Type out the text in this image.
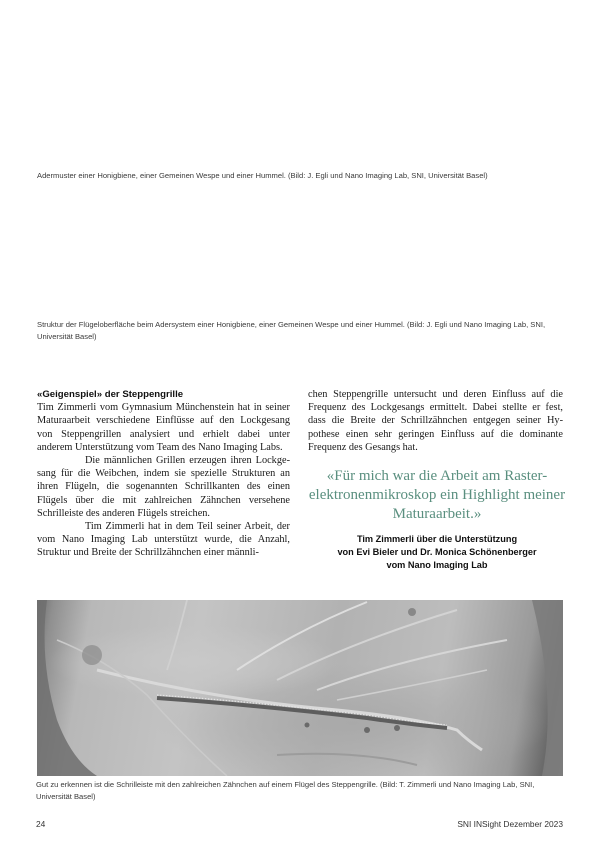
Adermuster einer Honigbiene, einer Gemeinen Wespe und einer Hummel. (Bild: J. Egli und Nano Imaging Lab, SNI, Universität Basel)
Struktur der Flügeloberfläche beim Adersystem einer Honigbiene, einer Gemeinen Wespe und einer Hummel. (Bild: J. Egli und Nano Imaging Lab, SNI, Universität Basel)
«Geigenspiel» der Steppengrille

Tim Zimmerli vom Gymnasium Münchenstein hat in seiner Maturaarbeit verschiedene Einflüsse auf den Lockgesang von Steppengrillen analysiert und erhielt dabei unter anderem Unterstützung vom Team des Nano Imaging Labs.

Die männlichen Grillen erzeugen ihren Lockgesang für die Weibchen, indem sie spezielle Strukturen an ihren Flügeln, die sogenannten Schrillkanten des einen Flügels über die mit zahlreichen Zähnchen versehene Schrilleiste des anderen Flügels streichen.

Tim Zimmerli hat in dem Teil seiner Arbeit, der vom Nano Imaging Lab unterstützt wurde, die Anzahl, Struktur und Breite der Schrillzähnchen einer männli-

chen Steppengrille untersucht und deren Einfluss auf die Frequenz des Lockgesangs ermittelt. Dabei stellte er fest, dass die Breite der Schrillzähnchen entgegen seiner Hypothese einen sehr geringen Einfluss auf die dominante Frequenz des Gesangs hat.

«Für mich war die Arbeit am Raster-elektronenmikroskop ein Highlight meiner Maturaarbeit.»
Tim Zimmerli über die Unterstützung
von Evi Bieler und Dr. Monica Schönenberger
vom Nano Imaging Lab
Gut zu erkennen ist die Schrilleiste mit den zahlreichen Zähnchen auf einem Flügel des Steppengrille. (Bild: T. Zimmerli und Nano Imaging Lab, SNI, Universität Basel)
24	SNI INSight Dezember 2023
